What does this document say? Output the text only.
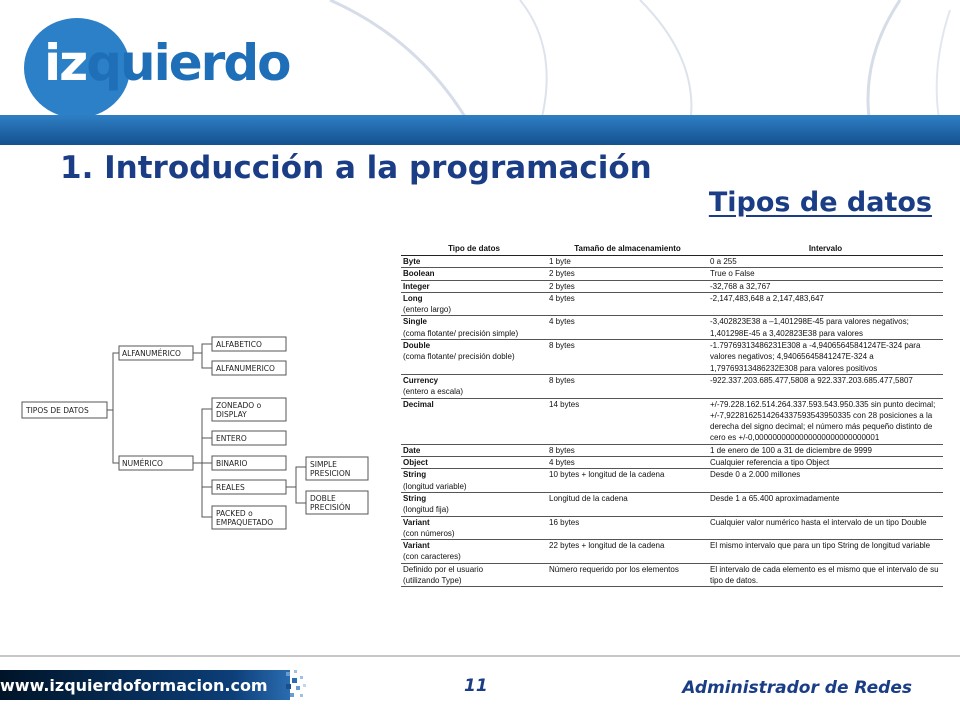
izquierdo
1. Introducción a la programación
Tipos de datos
TIPOS DE DATOS
ALFANUMÉRICO
ALFABETICO
ALFANUMERICO
NUMÉRICO
ZONEADO o
DISPLAY
ENTERO
BINARIO
REALES
PACKED o
EMPAQUETADO
SIMPLE
PRESICION
DOBLE
PRECISIÓN
Tipo de datos	Tamaño de almacenamiento	Intervalo

Byte	1 byte	0 a 255

Boolean	2 bytes	True o False

Integer	2 bytes	-32,768 a 32,767

Long
(entero largo)	4 bytes	-2,147,483,648 a 2,147,483,647

Single
(coma flotante/ precisión simple)	4 bytes	-3,402823E38 a –1,401298E-45 para valores negativos; 1,401298E-45 a 3,402823E38 para valores

Double
(coma flotante/ precisión doble)	8 bytes	-1.79769313486231E308 a -4,94065645841247E-324 para valores negativos; 4,94065645841247E-324 a 1,79769313486232E308 para valores positivos

Currency
(entero a escala)	8 bytes	-922.337.203.685.477,5808 a 922.337.203.685.477,5807

Decimal	14 bytes	+/-79.228.162.514.264.337.593.543.950.335 sin punto decimal; +/-7,9228162514264337593543950335 con 28 posiciones a la derecha del signo decimal; el número más pequeño distinto de cero es +/-0,0000000000000000000000000001

Date	8 bytes	1 de enero de 100 a 31 de diciembre de 9999

Object	4 bytes	Cualquier referencia a tipo Object

String
(longitud variable)	10 bytes + longitud de la cadena	Desde 0 a 2.000 millones

String
(longitud fija)	Longitud de la cadena	Desde 1 a 65.400 aproximadamente

Variant
(con números)	16 bytes	Cualquier valor numérico hasta el intervalo de un tipo Double

Variant
(con caracteres)	22 bytes + longitud de la cadena	El mismo intervalo que para un tipo String de longitud variable

Definido por el usuario
(utilizando Type)	Número requerido por los elementos	El intervalo de cada elemento es el mismo que el intervalo de su tipo de datos.
www.izquierdoformacion.com	11	Administrador de Redes
